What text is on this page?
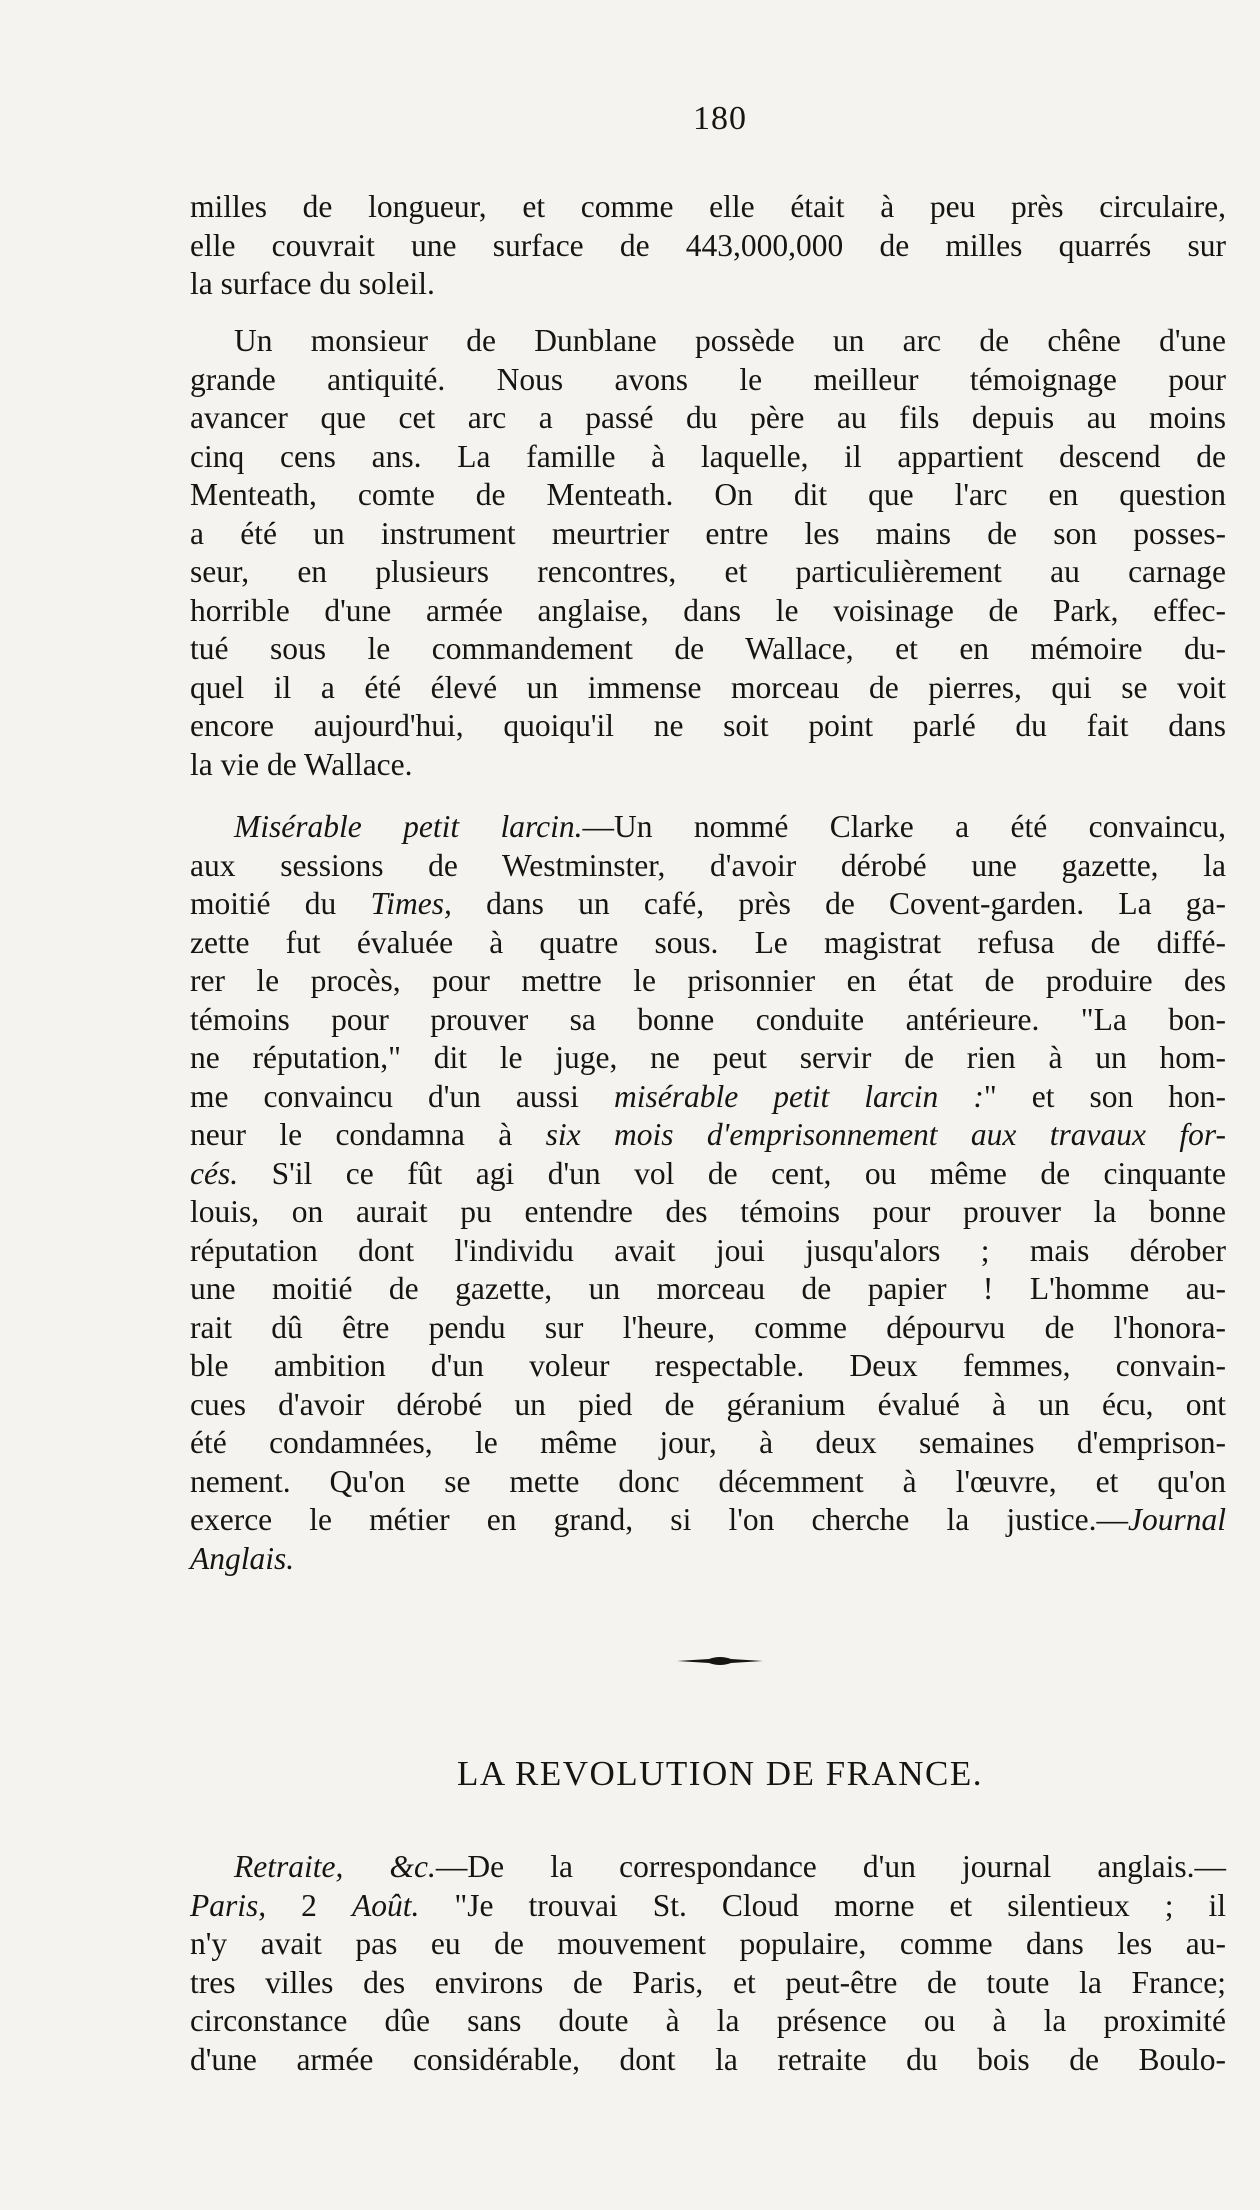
180
milles de longueur, et comme elle était à peu près circulaire,
elle couvrait une surface de 443,000,000 de milles quarrés sur
la surface du soleil.
Un monsieur de Dunblane possède un arc de chêne d'une
grande antiquité. Nous avons le meilleur témoignage pour
avancer que cet arc a passé du père au fils depuis au moins
cinq cens ans. La famille à laquelle, il appartient descend de
Menteath, comte de Menteath. On dit que l'arc en question
a été un instrument meurtrier entre les mains de son posses-
seur, en plusieurs rencontres, et particulièrement au carnage
horrible d'une armée anglaise, dans le voisinage de Park, effec-
tué sous le commandement de Wallace, et en mémoire du-
quel il a été élevé un immense morceau de pierres, qui se voit
encore aujourd'hui, quoiqu'il ne soit point parlé du fait dans
la vie de Wallace.
Misérable petit larcin.—Un nommé Clarke a été convaincu,
aux sessions de Westminster, d'avoir dérobé une gazette, la
moitié du Times, dans un café, près de Covent-garden. La ga-
zette fut évaluée à quatre sous. Le magistrat refusa de diffé-
rer le procès, pour mettre le prisonnier en état de produire des
témoins pour prouver sa bonne conduite antérieure. "La bon-
ne réputation," dit le juge, ne peut servir de rien à un hom-
me convaincu d'un aussi misérable petit larcin :" et son hon-
neur le condamna à six mois d'emprisonnement aux travaux for-
cés. S'il ce fût agi d'un vol de cent, ou même de cinquante
louis, on aurait pu entendre des témoins pour prouver la bonne
réputation dont l'individu avait joui jusqu'alors ; mais dérober
une moitié de gazette, un morceau de papier ! L'homme au-
rait dû être pendu sur l'heure, comme dépourvu de l'honora-
ble ambition d'un voleur respectable. Deux femmes, convain-
cues d'avoir dérobé un pied de géranium évalué à un écu, ont
été condamnées, le même jour, à deux semaines d'emprison-
nement. Qu'on se mette donc décemment à l'œuvre, et qu'on
exerce le métier en grand, si l'on cherche la justice.—Journal
Anglais.
LA REVOLUTION DE FRANCE.
Retraite, &c.—De la correspondance d'un journal anglais.—
Paris, 2 Août. "Je trouvai St. Cloud morne et silentieux ; il
n'y avait pas eu de mouvement populaire, comme dans les au-
tres villes des environs de Paris, et peut-être de toute la France;
circonstance dûe sans doute à la présence ou à la proximité
d'une armée considérable, dont la retraite du bois de Boulo-
